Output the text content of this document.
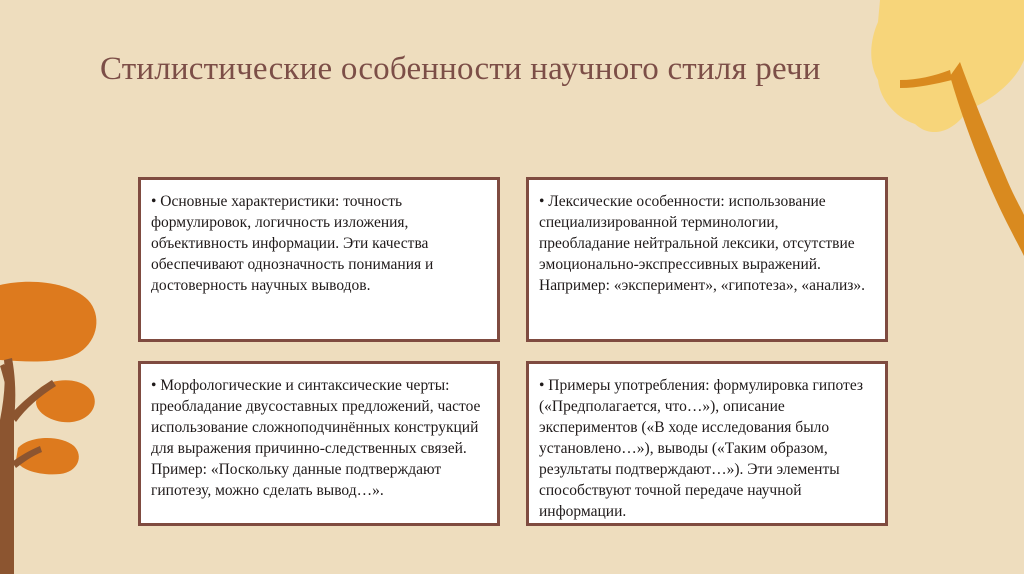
Стилистические особенности научного стиля речи

• Основные характеристики: точность формулировок, логичность изложения, объективность информации. Эти качества обеспечивают однозначность понимания и достоверность научных выводов.

• Лексические особенности: использование специализированной терминологии, преобладание нейтральной лексики, отсутствие эмоционально-экспрессивных выражений. Например: «эксперимент», «гипотеза», «анализ».

• Морфологические и синтаксические черты: преобладание двусоставных предложений, частое использование сложноподчинённых конструкций для выражения причинно-следственных связей. Пример: «Поскольку данные подтверждают гипотезу, можно сделать вывод…».

• Примеры употребления: формулировка гипотез («Предполагается, что…»), описание экспериментов («В ходе исследования было установлено…»), выводы («Таким образом, результаты подтверждают…»). Эти элементы способствуют точной передаче научной информации.
